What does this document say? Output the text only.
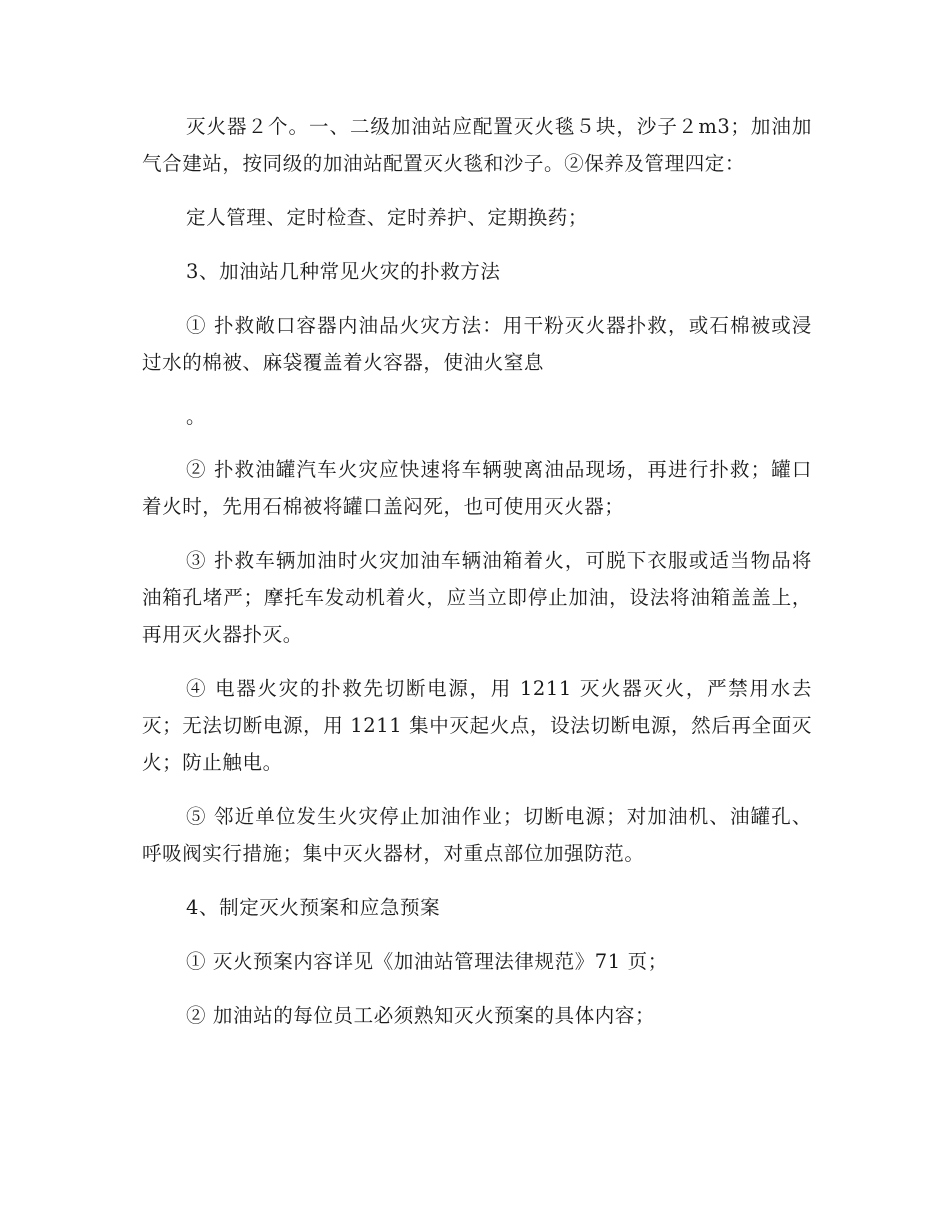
灭火器２个。一、二级加油站应配置灭火毯５块，沙子２m3；加油加气合建站，按同级的加油站配置灭火毯和沙子。②保养及管理四定：

定人管理、定时检查、定时养护、定期换药；

3、加油站几种常见火灾的扑救方法

① 扑救敞口容器内油品火灾方法：用干粉灭火器扑救，或石棉被或浸过水的棉被、麻袋覆盖着火容器，使油火窒息

。

② 扑救油罐汽车火灾应快速将车辆驶离油品现场，再进行扑救；罐口着火时，先用石棉被将罐口盖闷死，也可使用灭火器；

③ 扑救车辆加油时火灾加油车辆油箱着火，可脱下衣服或适当物品将油箱孔堵严；摩托车发动机着火，应当立即停止加油，设法将油箱盖盖上，再用灭火器扑灭。

④ 电器火灾的扑救先切断电源，用 1211 灭火器灭火，严禁用水去灭；无法切断电源，用 1211 集中灭起火点，设法切断电源，然后再全面灭火；防止触电。

⑤ 邻近单位发生火灾停止加油作业；切断电源；对加油机、油罐孔、呼吸阀实行措施；集中灭火器材，对重点部位加强防范。

4、制定灭火预案和应急预案

① 灭火预案内容详见《加油站管理法律规范》71 页；

② 加油站的每位员工必须熟知灭火预案的具体内容；
